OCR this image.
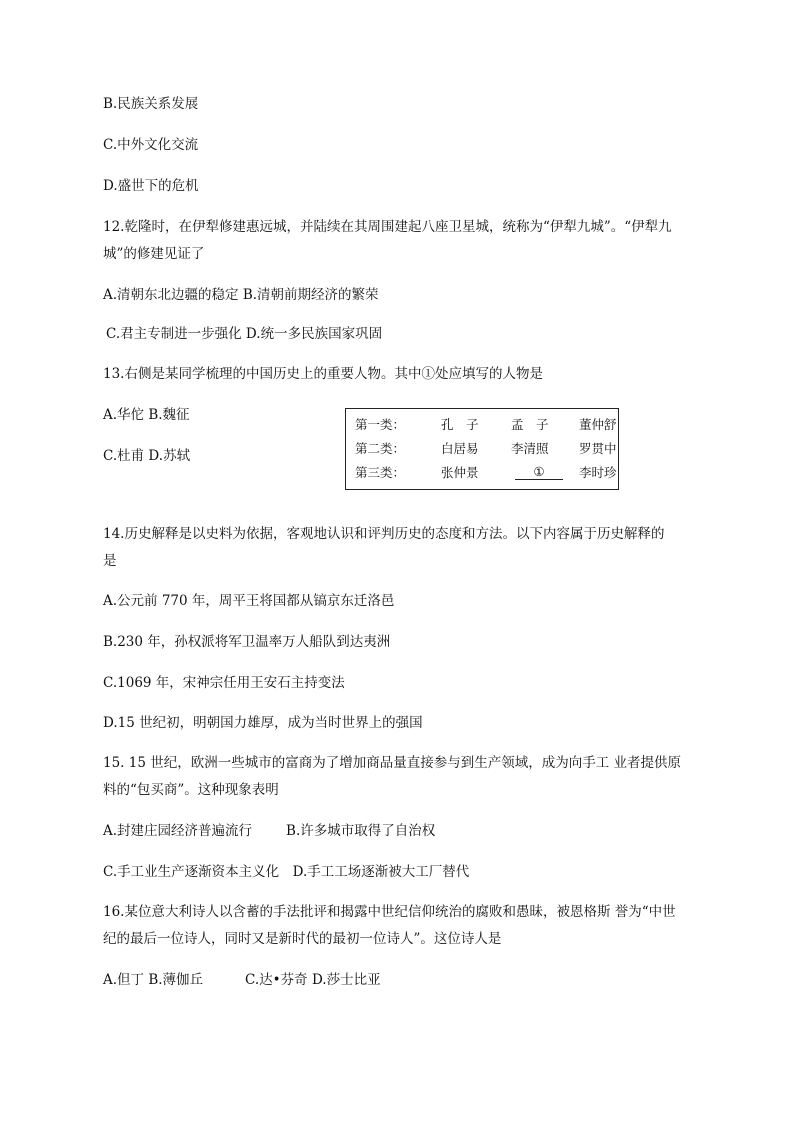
B.民族关系发展
C.中外文化交流
D.盛世下的危机
12.乾隆时，在伊犁修建惠远城，并陆续在其周围建起八座卫星城，统称为“伊犁九城”。“伊犁九
城”的修建见证了
A.清朝东北边疆的稳定 B.清朝前期经济的繁荣
C.君主专制进一步强化 D.统一多民族国家巩固
13.右侧是某同学梳理的中国历史上的重要人物。其中①处应填写的人物是
A.华佗 B.魏征
C.杜甫 D.苏轼
第一类：	孔　子	孟　子	董仲舒
第二类：	白居易	李清照	罗贯中
第三类：	张仲景	①	李时珍
14.历史解释是以史料为依据，客观地认识和评判历史的态度和方法。以下内容属于历史解释的
是
A.公元前 770 年，周平王将国都从镐京东迁洛邑
B.230 年，孙权派将军卫温率万人船队到达夷洲
C.1069 年，宋神宗任用王安石主持变法
D.15 世纪初，明朝国力雄厚，成为当时世界上的强国
15. 15 世纪，欧洲一些城市的富商为了增加商品量直接参与到生产领域，成为向手工 业者提供原
料的“包买商”。这种现象表明
A.封建庄园经济普遍流行	B.许多城市取得了自治权
C.手工业生产逐渐资本主义化　D.手工工场逐渐被大工厂替代
16.某位意大利诗人以含蓄的手法批评和揭露中世纪信仰统治的腐败和愚昧，被恩格斯 誉为“中世
纪的最后一位诗人，同时又是新时代的最初一位诗人”。这位诗人是
A.但丁 B.薄伽丘	C.达•芬奇 D.莎士比亚
